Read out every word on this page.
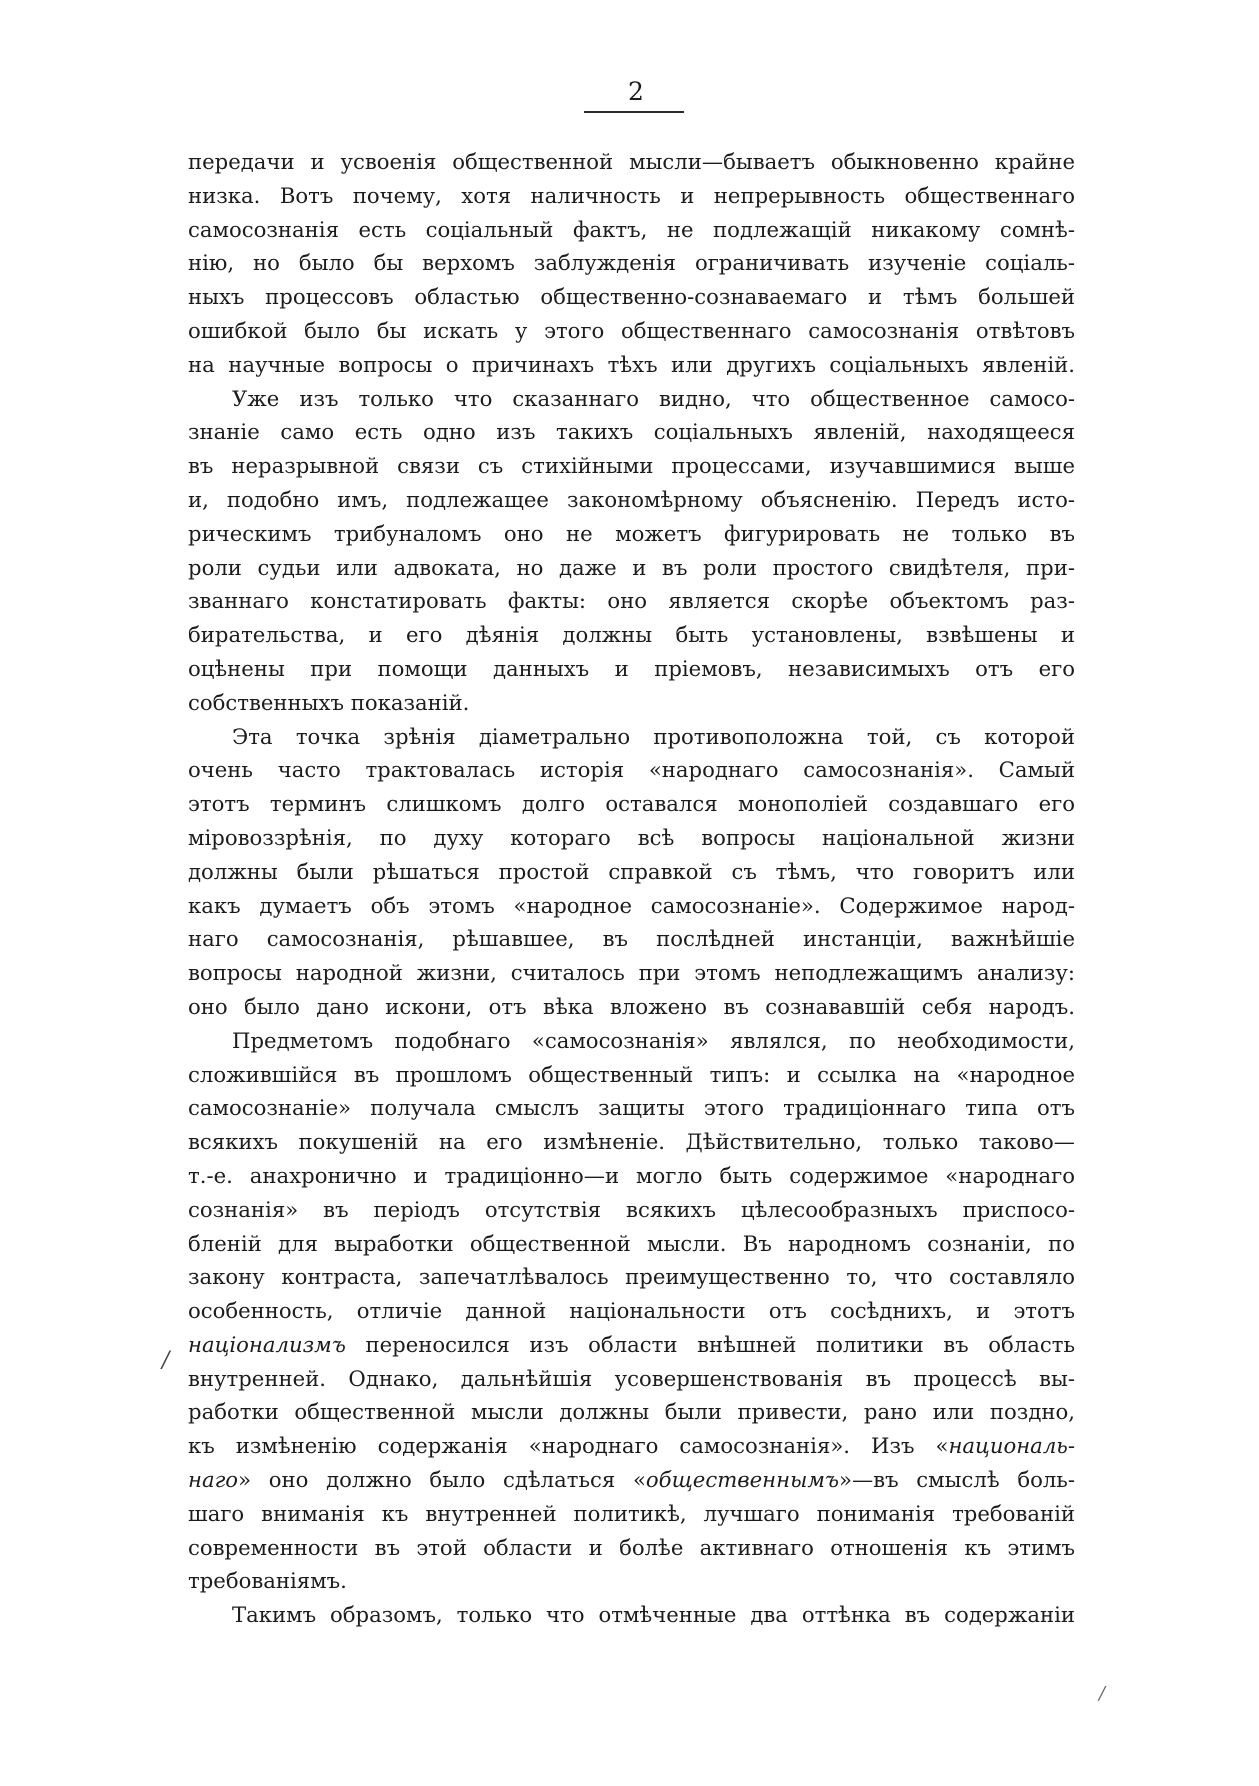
2
/
/
передачи и усвоенія общественной мысли—бываетъ обыкновенно крайне
низка. Вотъ почему, хотя наличность и непрерывность общественнаго
самосознанія есть соціальный фактъ, не подлежащій никакому сомнѣ-
нію, но было бы верхомъ заблужденія ограничивать изученіе соціаль-
ныхъ процессовъ областью общественно-сознаваемаго и тѣмъ большей
ошибкой было бы искать у этого общественнаго самосознанія отвѣтовъ
на научные вопросы о причинахъ тѣхъ или другихъ соціальныхъ явленій.
Уже изъ только что сказаннаго видно, что общественное самосо-
знаніе само есть одно изъ такихъ соціальныхъ явленій, находящееся
въ неразрывной связи съ стихійными процессами, изучавшимися выше
и, подобно имъ, подлежащее закономѣрному объясненію. Передъ исто-
рическимъ трибуналомъ оно не можетъ фигурировать не только въ
роли судьи или адвоката, но даже и въ роли простого свидѣтеля, при-
званнаго констатировать факты: оно является скорѣе объектомъ раз-
бирательства, и его дѣянія должны быть установлены, взвѣшены и
оцѣнены при помощи данныхъ и пріемовъ, независимыхъ отъ его
собственныхъ показаній.
Эта точка зрѣнія діаметрально противоположна той, съ которой
очень часто трактовалась исторія «народнаго самосознанія». Самый
этотъ терминъ слишкомъ долго оставался монополіей создавшаго его
міровоззрѣнія, по духу котораго всѣ вопросы національной жизни
должны были рѣшаться простой справкой съ тѣмъ, что говоритъ или
какъ думаетъ объ этомъ «народное самосознаніе». Содержимое народ-
наго самосознанія, рѣшавшее, въ послѣдней инстанціи, важнѣйшіе
вопросы народной жизни, считалось при этомъ неподлежащимъ анализу:
оно было дано искони, отъ вѣка вложено въ сознававшій себя народъ.
Предметомъ подобнаго «самосознанія» являлся, по необходимости,
сложившійся въ прошломъ общественный типъ: и ссылка на «народное
самосознаніе» получала смыслъ защиты этого традиціоннаго типа отъ
всякихъ покушеній на его измѣненіе. Дѣйствительно, только таково—
т.-е. анахронично и традиціонно—и могло быть содержимое «народнаго
сознанія» въ періодъ отсутствія всякихъ цѣлесообразныхъ приспосо-
бленій для выработки общественной мысли. Въ народномъ сознаніи, по
закону контраста, запечатлѣвалось преимущественно то, что составляло
особенность, отличіе данной національности отъ сосѣднихъ, и этотъ
націонализмъ переносился изъ области внѣшней политики въ область
внутренней. Однако, дальнѣйшія усовершенствованія въ процессѣ вы-
работки общественной мысли должны были привести, рано или поздно,
къ измѣненію содержанія «народнаго самосознанія». Изъ «националь-
наго» оно должно было сдѣлаться «общественнымъ»—въ смыслѣ боль-
шаго вниманія къ внутренней политикѣ, лучшаго пониманія требованій
современности въ этой области и болѣе активнаго отношенія къ этимъ
требованіямъ.
Такимъ образомъ, только что отмѣченные два оттѣнка въ содержаніи
